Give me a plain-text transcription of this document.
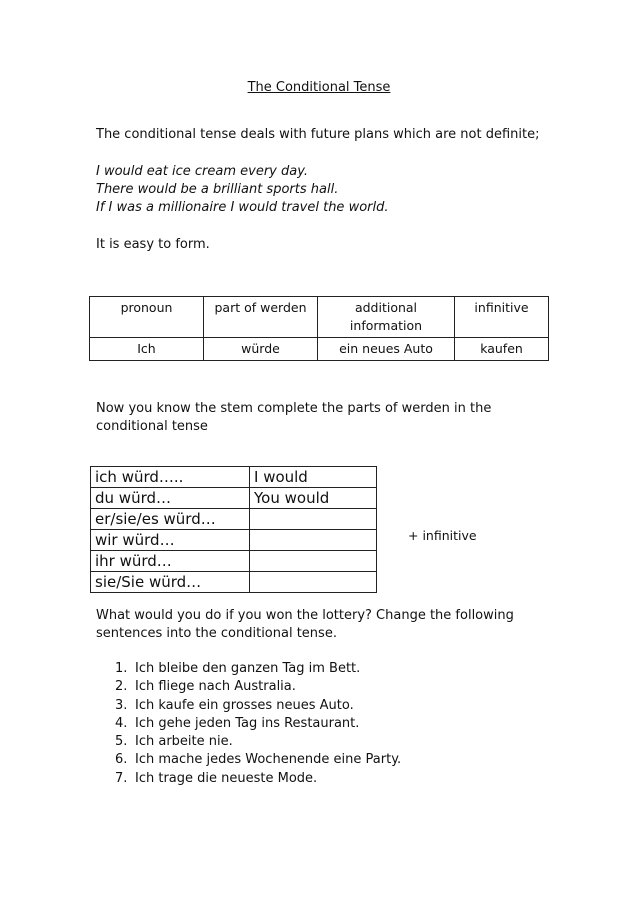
The Conditional Tense
The conditional tense deals with future plans which are not definite;
I would eat ice cream every day.
There would be a brilliant sports hall.
If I was a millionaire I would travel the world.
It is easy to form.
pronoun	part of werden	additional information	infinitive
Ich	würde	ein neues Auto	kaufen
Now you know the stem complete the parts of werden in the conditional tense
ich würd…..	I would
du würd…	You would
er/sie/es würd…	
wir würd…	
ihr würd…	
sie/Sie würd…	
+ infinitive
What would you do if you won the lottery? Change the following sentences into the conditional tense.
1. Ich bleibe den ganzen Tag im Bett.
2. Ich fliege nach Australia.
3. Ich kaufe ein grosses neues Auto.
4. Ich gehe jeden Tag ins Restaurant.
5. Ich arbeite nie.
6. Ich mache jedes Wochenende eine Party.
7. Ich trage die neueste Mode.
